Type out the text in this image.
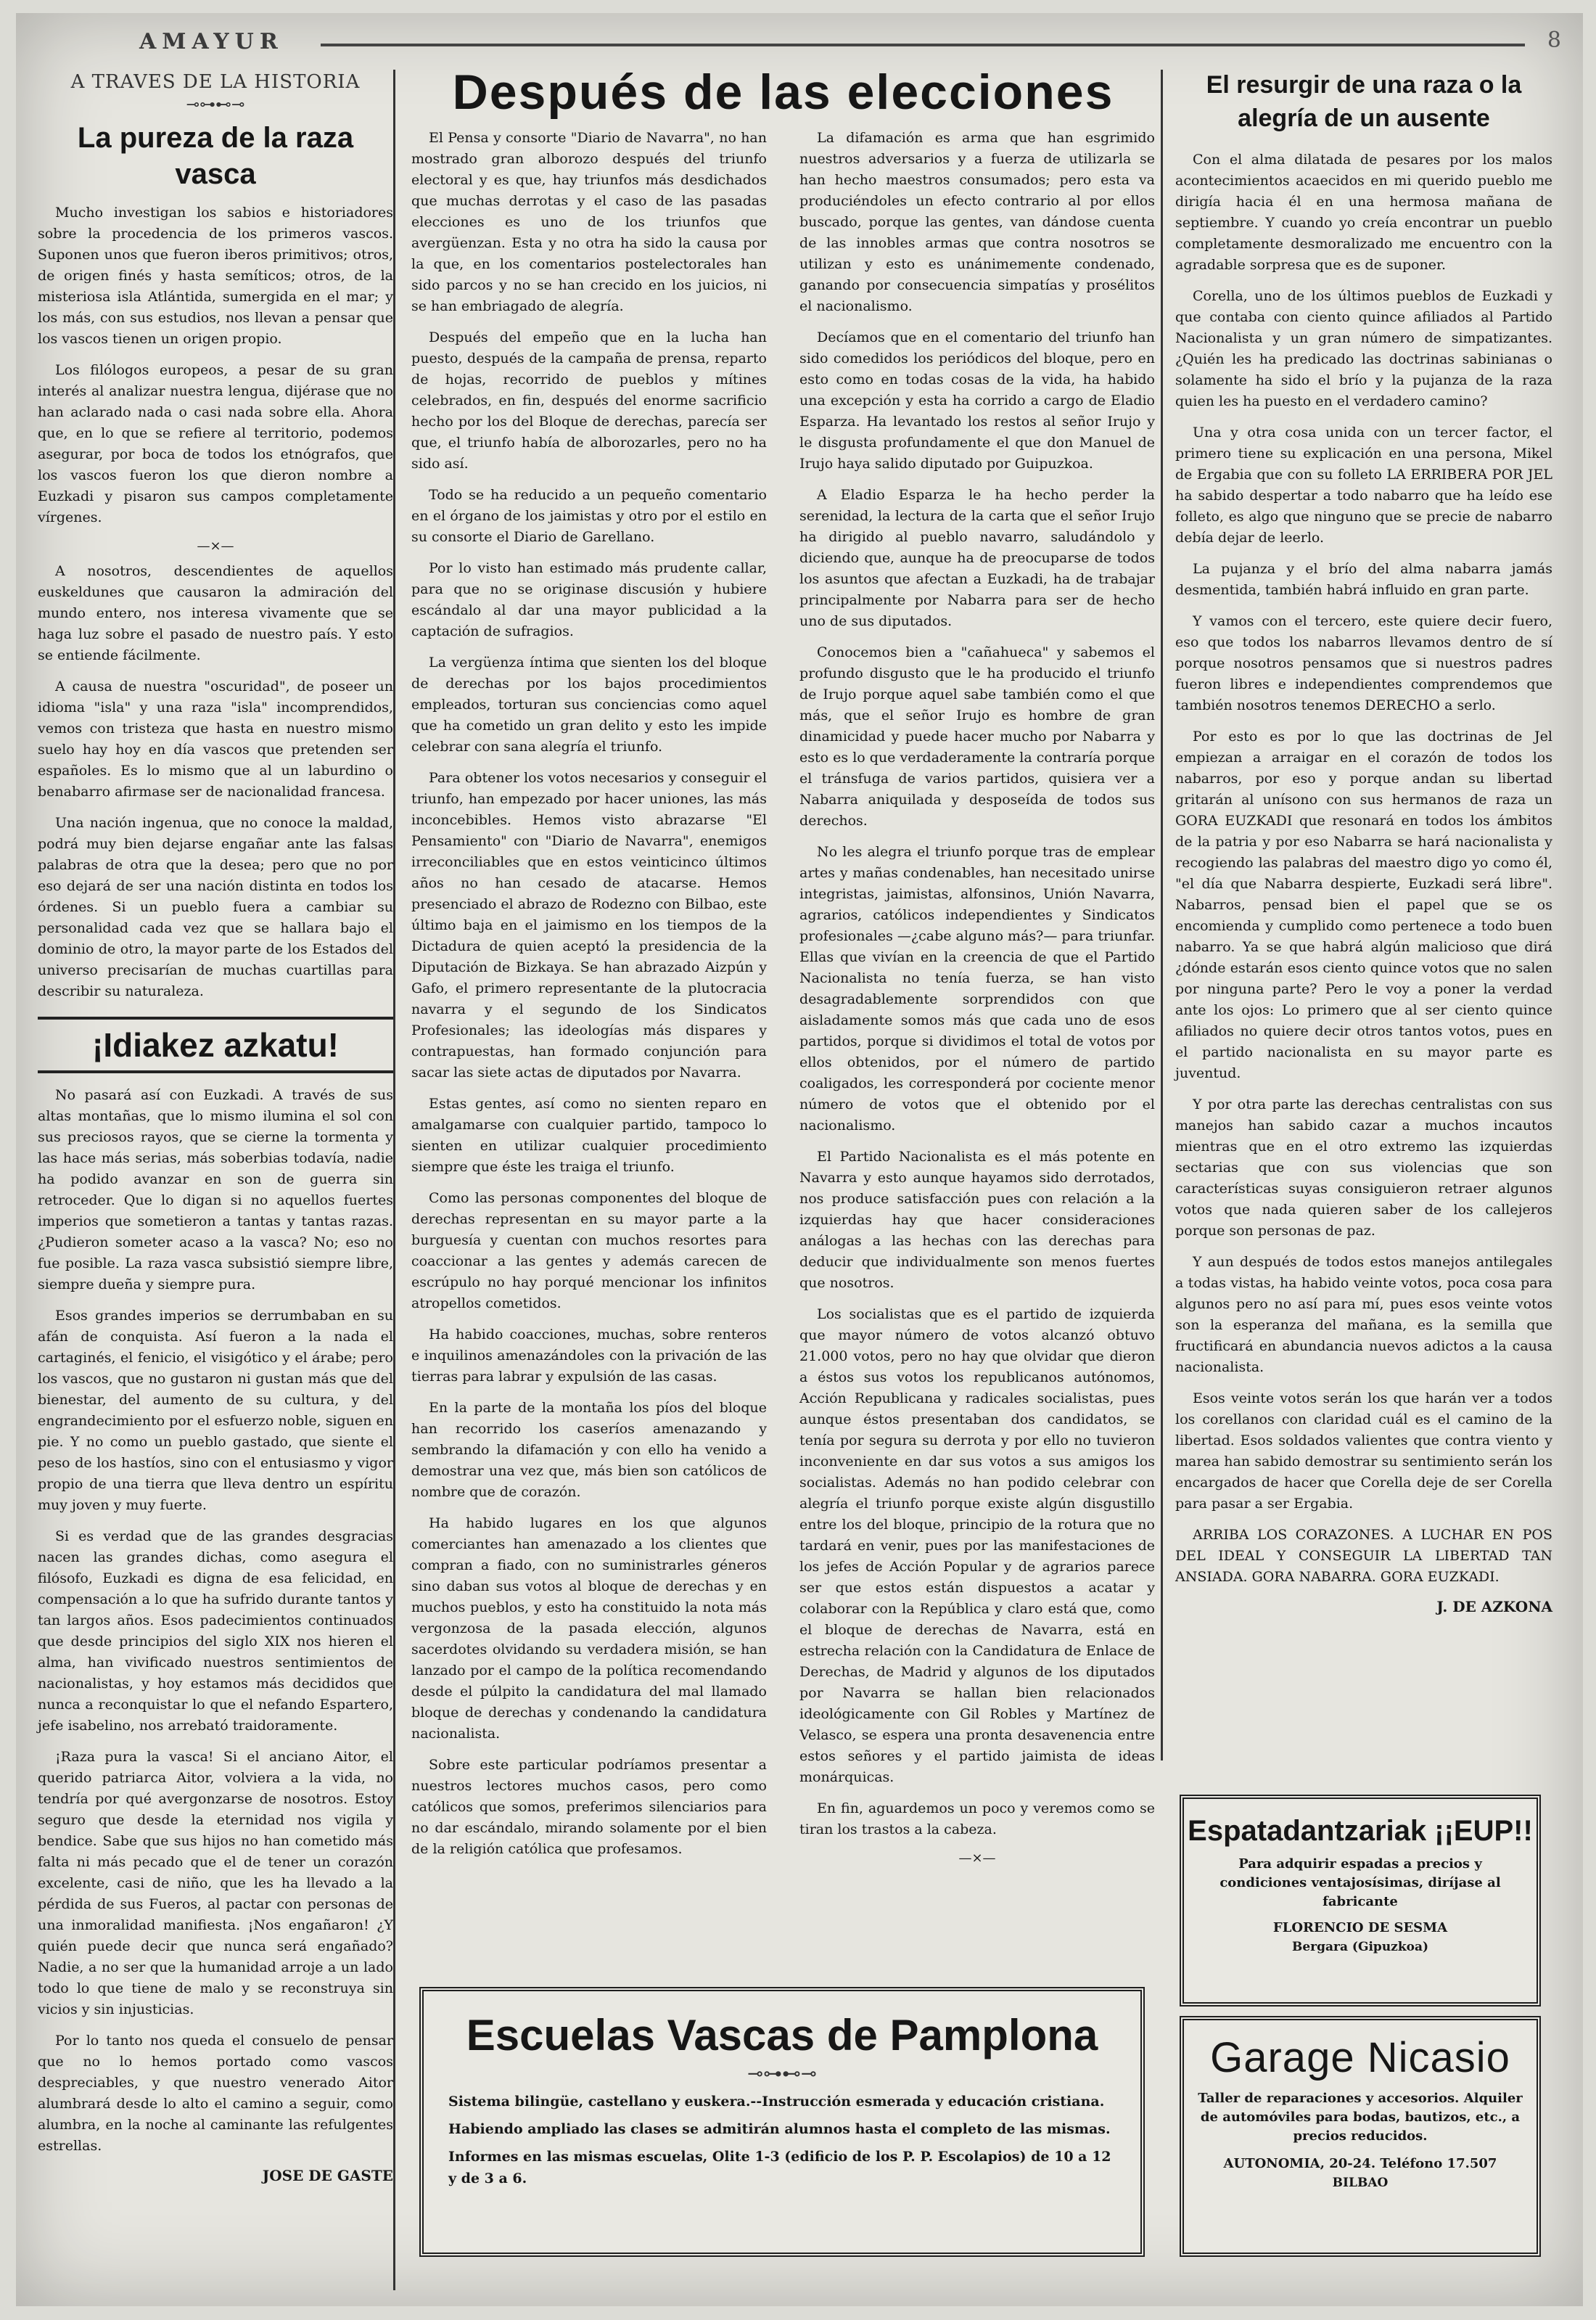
AMAYUR	8
A TRAVES DE LA HISTORIA
⊸⊶⊷⊸
La pureza de la raza vasca

Mucho investigan los sabios e historiadores sobre la procedencia de los primeros vascos. Suponen unos que fueron iberos primitivos; otros, de origen finés y hasta semíticos; otros, de la misteriosa isla Atlántida, sumergida en el mar; y los más, con sus estudios, nos llevan a pensar que los vascos tienen un origen propio.

Los filólogos europeos, a pesar de su gran interés al analizar nuestra lengua, dijérase que no han aclarado nada o casi nada sobre ella. Ahora que, en lo que se refiere al territorio, podemos asegurar, por boca de todos los etnógrafos, que los vascos fueron los que dieron nombre a Euzkadi y pisaron sus campos completamente vírgenes.

—×—

A nosotros, descendientes de aquellos euskeldunes que causaron la admiración del mundo entero, nos interesa vivamente que se haga luz sobre el pasado de nuestro país. Y esto se entiende fácilmente.

A causa de nuestra "oscuridad", de poseer un idioma "isla" y una raza "isla" incomprendidos, vemos con tristeza que hasta en nuestro mismo suelo hay hoy en día vascos que pretenden ser españoles. Es lo mismo que al un laburdino o benabarro afirmase ser de nacionalidad francesa.

Una nación ingenua, que no conoce la maldad, podrá muy bien dejarse engañar ante las falsas palabras de otra que la desea; pero que no por eso dejará de ser una nación distinta en todos los órdenes. Si un pueblo fuera a cambiar su personalidad cada vez que se hallara bajo el dominio de otro, la mayor parte de los Estados del universo precisarían de muchas cuartillas para describir su naturaleza.

¡Idiakez azkatu!

No pasará así con Euzkadi. A través de sus altas montañas, que lo mismo ilumina el sol con sus preciosos rayos, que se cierne la tormenta y las hace más serias, más soberbias todavía, nadie ha podido avanzar en son de guerra sin retroceder. Que lo digan si no aquellos fuertes imperios que sometieron a tantas y tantas razas. ¿Pudieron someter acaso a la vasca? No; eso no fue posible. La raza vasca subsistió siempre libre, siempre dueña y siempre pura.

Esos grandes imperios se derrumbaban en su afán de conquista. Así fueron a la nada el cartaginés, el fenicio, el visigótico y el árabe; pero los vascos, que no gustaron ni gustan más que del bienestar, del aumento de su cultura, y del engrandecimiento por el esfuerzo noble, siguen en pie. Y no como un pueblo gastado, que siente el peso de los hastíos, sino con el entusiasmo y vigor propio de una tierra que lleva dentro un espíritu muy joven y muy fuerte.

Si es verdad que de las grandes desgracias nacen las grandes dichas, como asegura el filósofo, Euzkadi es digna de esa felicidad, en compensación a lo que ha sufrido durante tantos y tan largos años. Esos padecimientos continuados que desde principios del siglo XIX nos hieren el alma, han vivificado nuestros sentimientos de nacionalistas, y hoy estamos más decididos que nunca a reconquistar lo que el nefando Espartero, jefe isabelino, nos arrebató traidoramente.

¡Raza pura la vasca! Si el anciano Aitor, el querido patriarca Aitor, volviera a la vida, no tendría por qué avergonzarse de nosotros. Estoy seguro que desde la eternidad nos vigila y bendice. Sabe que sus hijos no han cometido más falta ni más pecado que el de tener un corazón excelente, casi de niño, que les ha llevado a la pérdida de sus Fueros, al pactar con personas de una inmoralidad manifiesta. ¡Nos engañaron! ¿Y quién puede decir que nunca será engañado? Nadie, a no ser que la humanidad arroje a un lado todo lo que tiene de malo y se reconstruya sin vicios y sin injusticias.

Por lo tanto nos queda el consuelo de pensar que no lo hemos portado como vascos despreciables, y que nuestro venerado Aitor alumbrará desde lo alto el camino a seguir, como alumbra, en la noche al caminante las refulgentes estrellas.

JOSE DE GASTE
Después de las elecciones

El Pensa y consorte "Diario de Navarra", no han mostrado gran alborozo después del triunfo electoral y es que, hay triunfos más desdichados que muchas derrotas y el caso de las pasadas elecciones es uno de los triunfos que avergüenzan. Esta y no otra ha sido la causa por la que, en los comentarios postelectorales han sido parcos y no se han crecido en los juicios, ni se han embriagado de alegría.

Después del empeño que en la lucha han puesto, después de la campaña de prensa, reparto de hojas, recorrido de pueblos y mítines celebrados, en fin, después del enorme sacrificio hecho por los del Bloque de derechas, parecía ser que, el triunfo había de alborozarles, pero no ha sido así.

Todo se ha reducido a un pequeño comentario en el órgano de los jaimistas y otro por el estilo en su consorte el Diario de Garellano.

Por lo visto han estimado más prudente callar, para que no se originase discusión y hubiere escándalo al dar una mayor publicidad a la captación de sufragios.

La vergüenza íntima que sienten los del bloque de derechas por los bajos procedimientos empleados, torturan sus conciencias como aquel que ha cometido un gran delito y esto les impide celebrar con sana alegría el triunfo.

Para obtener los votos necesarios y conseguir el triunfo, han empezado por hacer uniones, las más inconcebibles. Hemos visto abrazarse "El Pensamiento" con "Diario de Navarra", enemigos irreconciliables que en estos veinticinco últimos años no han cesado de atacarse. Hemos presenciado el abrazo de Rodezno con Bilbao, este último baja en el jaimismo en los tiempos de la Dictadura de quien aceptó la presidencia de la Diputación de Bizkaya. Se han abrazado Aizpún y Gafo, el primero representante de la plutocracia navarra y el segundo de los Sindicatos Profesionales; las ideologías más dispares y contrapuestas, han formado conjunción para sacar las siete actas de diputados por Navarra.

Estas gentes, así como no sienten reparo en amalgamarse con cualquier partido, tampoco lo sienten en utilizar cualquier procedimiento siempre que éste les traiga el triunfo.

Como las personas componentes del bloque de derechas representan en su mayor parte a la burguesía y cuentan con muchos resortes para coaccionar a las gentes y además carecen de escrúpulo no hay porqué mencionar los infinitos atropellos cometidos.

Ha habido coacciones, muchas, sobre renteros e inquilinos amenazándoles con la privación de las tierras para labrar y expulsión de las casas.

En la parte de la montaña los píos del bloque han recorrido los caseríos amenazando y sembrando la difamación y con ello ha venido a demostrar una vez que, más bien son católicos de nombre que de corazón.

Ha habido lugares en los que algunos comerciantes han amenazado a los clientes que compran a fiado, con no suministrarles géneros sino daban sus votos al bloque de derechas y en muchos pueblos, y esto ha constituido la nota más vergonzosa de la pasada elección, algunos sacerdotes olvidando su verdadera misión, se han lanzado por el campo de la política recomendando desde el púlpito la candidatura del mal llamado bloque de derechas y condenando la candidatura nacionalista.

Sobre este particular podríamos presentar a nuestros lectores muchos casos, pero como católicos que somos, preferimos silenciarios para no dar escándalo, mirando solamente por el bien de la religión católica que profesamos.

La difamación es arma que han esgrimido nuestros adversarios y a fuerza de utilizarla se han hecho maestros consumados; pero esta va produciéndoles un efecto contrario al por ellos buscado, porque las gentes, van dándose cuenta de las innobles armas que contra nosotros se utilizan y esto es unánimemente condenado, ganando por consecuencia simpatías y prosélitos el nacionalismo.

Decíamos que en el comentario del triunfo han sido comedidos los periódicos del bloque, pero en esto como en todas cosas de la vida, ha habido una excepción y esta ha corrido a cargo de Eladio Esparza. Ha levantado los restos al señor Irujo y le disgusta profundamente el que don Manuel de Irujo haya salido diputado por Guipuzkoa.

A Eladio Esparza le ha hecho perder la serenidad, la lectura de la carta que el señor Irujo ha dirigido al pueblo navarro, saludándolo y diciendo que, aunque ha de preocuparse de todos los asuntos que afectan a Euzkadi, ha de trabajar principalmente por Nabarra para ser de hecho uno de sus diputados.

Conocemos bien a "cañahueca" y sabemos el profundo disgusto que le ha producido el triunfo de Irujo porque aquel sabe también como el que más, que el señor Irujo es hombre de gran dinamicidad y puede hacer mucho por Nabarra y esto es lo que verdaderamente la contraría porque el tránsfuga de varios partidos, quisiera ver a Nabarra aniquilada y desposeída de todos sus derechos.

No les alegra el triunfo porque tras de emplear artes y mañas condenables, han necesitado unirse integristas, jaimistas, alfonsinos, Unión Navarra, agrarios, católicos independientes y Sindicatos profesionales —¿cabe alguno más?— para triunfar. Ellas que vivían en la creencia de que el Partido Nacionalista no tenía fuerza, se han visto desagradablemente sorprendidos con que aisladamente somos más que cada uno de esos partidos, porque si dividimos el total de votos por ellos obtenidos, por el número de partido coaligados, les corresponderá por cociente menor número de votos que el obtenido por el nacionalismo.

El Partido Nacionalista es el más potente en Navarra y esto aunque hayamos sido derrotados, nos produce satisfacción pues con relación a la izquierdas hay que hacer consideraciones análogas a las hechas con las derechas para deducir que individualmente son menos fuertes que nosotros.

Los socialistas que es el partido de izquierda que mayor número de votos alcanzó obtuvo 21.000 votos, pero no hay que olvidar que dieron a éstos sus votos los republicanos autónomos, Acción Republicana y radicales socialistas, pues aunque éstos presentaban dos candidatos, se tenía por segura su derrota y por ello no tuvieron inconveniente en dar sus votos a sus amigos los socialistas. Además no han podido celebrar con alegría el triunfo porque existe algún disgustillo entre los del bloque, principio de la rotura que no tardará en venir, pues por las manifestaciones de los jefes de Acción Popular y de agrarios parece ser que estos están dispuestos a acatar y colaborar con la República y claro está que, como el bloque de derechas de Navarra, está en estrecha relación con la Candidatura de Enlace de Derechas, de Madrid y algunos de los diputados por Navarra se hallan bien relacionados ideológicamente con Gil Robles y Martínez de Velasco, se espera una pronta desavenencia entre estos señores y el partido jaimista de ideas monárquicas.

En fin, aguardemos un poco y veremos como se tiran los trastos a la cabeza.

—×—
El resurgir de una raza o la alegría de un ausente

Con el alma dilatada de pesares por los malos acontecimientos acaecidos en mi querido pueblo me dirigía hacia él en una hermosa mañana de septiembre. Y cuando yo creía encontrar un pueblo completamente desmoralizado me encuentro con la agradable sorpresa que es de suponer.

Corella, uno de los últimos pueblos de Euzkadi y que contaba con ciento quince afiliados al Partido Nacionalista y un gran número de simpatizantes. ¿Quién les ha predicado las doctrinas sabinianas o solamente ha sido el brío y la pujanza de la raza quien les ha puesto en el verdadero camino?

Una y otra cosa unida con un tercer factor, el primero tiene su explicación en una persona, Mikel de Ergabia que con su folleto LA ERRIBERA POR JEL ha sabido despertar a todo nabarro que ha leído ese folleto, es algo que ninguno que se precie de nabarro debía dejar de leerlo.

La pujanza y el brío del alma nabarra jamás desmentida, también habrá influido en gran parte.

Y vamos con el tercero, este quiere decir fuero, eso que todos los nabarros llevamos dentro de sí porque nosotros pensamos que si nuestros padres fueron libres e independientes comprendemos que también nosotros tenemos DERECHO a serlo.

Por esto es por lo que las doctrinas de Jel empiezan a arraigar en el corazón de todos los nabarros, por eso y porque andan su libertad gritarán al unísono con sus hermanos de raza un GORA EUZKADI que resonará en todos los ámbitos de la patria y por eso Nabarra se hará nacionalista y recogiendo las palabras del maestro digo yo como él, "el día que Nabarra despierte, Euzkadi será libre". Nabarros, pensad bien el papel que se os encomienda y cumplido como pertenece a todo buen nabarro. Ya se que habrá algún malicioso que dirá ¿dónde estarán esos ciento quince votos que no salen por ninguna parte? Pero le voy a poner la verdad ante los ojos: Lo primero que al ser ciento quince afiliados no quiere decir otros tantos votos, pues en el partido nacionalista en su mayor parte es juventud.

Y por otra parte las derechas centralistas con sus manejos han sabido cazar a muchos incautos mientras que en el otro extremo las izquierdas sectarias que con sus violencias que son características suyas consiguieron retraer algunos votos que nada quieren saber de los callejeros porque son personas de paz.

Y aun después de todos estos manejos antilegales a todas vistas, ha habido veinte votos, poca cosa para algunos pero no así para mí, pues esos veinte votos son la esperanza del mañana, es la semilla que fructificará en abundancia nuevos adictos a la causa nacionalista.

Esos veinte votos serán los que harán ver a todos los corellanos con claridad cuál es el camino de la libertad. Esos soldados valientes que contra viento y marea han sabido demostrar su sentimiento serán los encargados de hacer que Corella deje de ser Corella para pasar a ser Ergabia.

ARRIBA LOS CORAZONES. A LUCHAR EN POS DEL IDEAL Y CONSEGUIR LA LIBERTAD TAN ANSIADA. GORA NABARRA. GORA EUZKADI.

J. DE AZKONA
Espatadantzariak ¡¡EUP!!
Para adquirir espadas a precios y condiciones ventajosísimas, diríjase al fabricante
FLORENCIO DE SESMA
Bergara (Gipuzkoa)
Garage Nicasio
Taller de reparaciones y accesorios. Alquiler de automóviles para bodas, bautizos, etc., a precios reducidos.
AUTONOMIA, 20-24. Teléfono 17.507
BILBAO
Escuelas Vascas de Pamplona
⊸⊶⊷⊸
Sistema bilingüe, castellano y euskera.--Instrucción esmerada y educación cristiana.
Habiendo ampliado las clases se admitirán alumnos hasta el completo de las mismas.
Informes en las mismas escuelas, Olite 1-3 (edificio de los P. P. Escolapios) de 10 a 12 y de 3 a 6.
